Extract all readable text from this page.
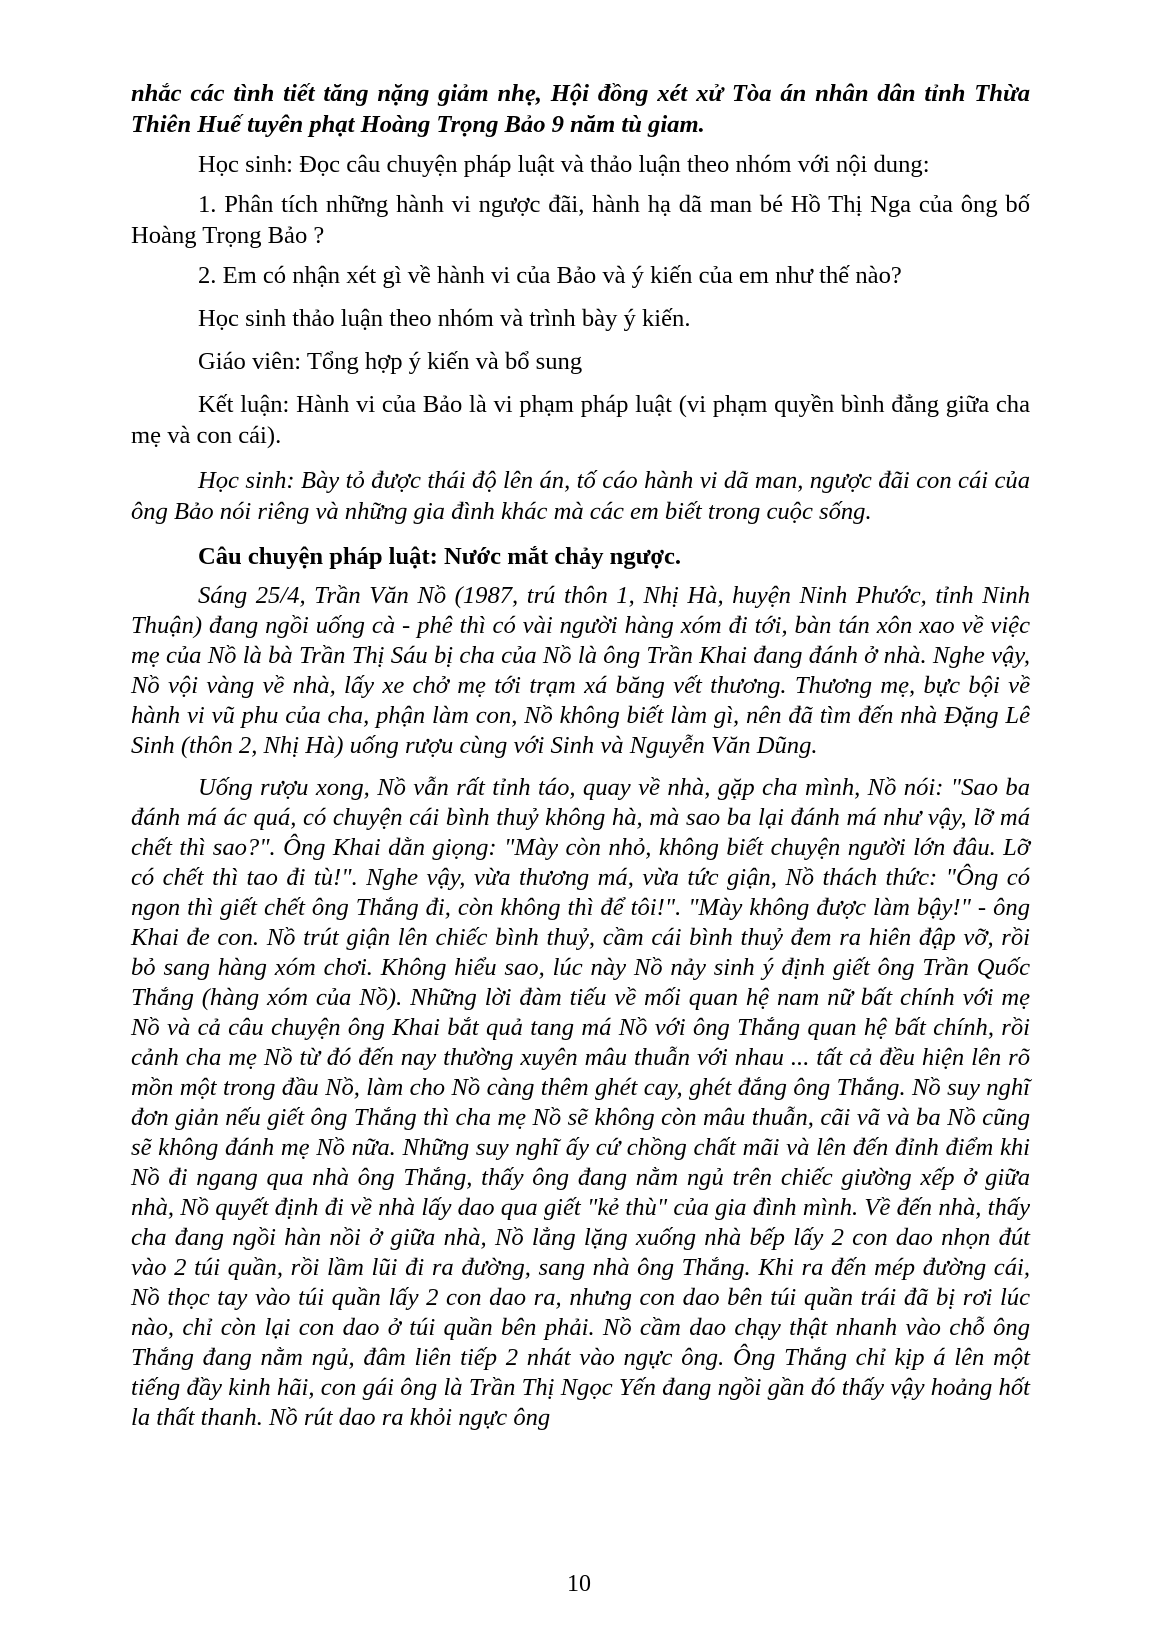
nhắc các tình tiết tăng nặng giảm nhẹ, Hội đồng xét xử Tòa án nhân dân tỉnh Thừa Thiên Huế tuyên phạt Hoàng Trọng Bảo 9 năm tù giam.

Học sinh: Đọc câu chuyện pháp luật và thảo luận theo nhóm với nội dung:

1. Phân tích những hành vi ngược đãi, hành hạ dã man bé Hồ Thị Nga của ông bố Hoàng Trọng Bảo ?

2. Em có nhận xét gì về hành vi của Bảo và ý kiến của em như thế nào?

Học sinh thảo luận theo nhóm và trình bày ý kiến.

Giáo viên: Tổng hợp ý kiến và bổ sung

Kết luận: Hành vi của Bảo là vi phạm pháp luật (vi phạm quyền bình đẳng giữa cha mẹ và con cái).

Học sinh: Bày tỏ được thái độ lên án, tố cáo hành vi dã man, ngược đãi con cái của ông Bảo nói riêng và những gia đình khác mà các em biết trong cuộc sống.

Câu chuyện pháp luật: Nước mắt chảy ngược.

Sáng 25/4, Trần Văn Nồ (1987, trú thôn 1, Nhị Hà, huyện Ninh Phước, tỉnh Ninh Thuận) đang ngồi uống cà - phê thì có vài người hàng xóm đi tới, bàn tán xôn xao về việc mẹ của Nồ là bà Trần Thị Sáu bị cha của Nồ là ông Trần Khai đang đánh ở nhà. Nghe vậy, Nồ vội vàng về nhà, lấy xe chở mẹ tới trạm xá băng vết thương. Thương mẹ, bực bội về hành vi vũ phu của cha, phận làm con, Nồ không biết làm gì, nên đã tìm đến nhà Đặng Lê Sinh (thôn 2, Nhị Hà) uống rượu cùng với Sinh và Nguyễn Văn Dũng.

Uống rượu xong, Nồ vẫn rất tỉnh táo, quay về nhà, gặp cha mình, Nồ nói: "Sao ba đánh má ác quá, có chuyện cái bình thuỷ không hà, mà sao ba lại đánh má như vậy, lỡ má chết thì sao?". Ông Khai dằn giọng: "Mày còn nhỏ, không biết chuyện người lớn đâu. Lỡ có chết thì tao đi tù!". Nghe vậy, vừa thương má, vừa tức giận, Nồ thách thức: "Ông có ngon thì giết chết ông Thắng đi, còn không thì để tôi!". "Mày không được làm bậy!" - ông Khai đe con. Nồ trút giận lên chiếc bình thuỷ, cầm cái bình thuỷ đem ra hiên đập vỡ, rồi bỏ sang hàng xóm chơi. Không hiểu sao, lúc này Nồ nảy sinh ý định giết ông Trần Quốc Thắng (hàng xóm của Nồ). Những lời đàm tiếu về mối quan hệ nam nữ bất chính với mẹ Nồ và cả câu chuyện ông Khai bắt quả tang má Nồ với ông Thắng quan hệ bất chính, rồi cảnh cha mẹ Nồ từ đó đến nay thường xuyên mâu thuẫn với nhau ... tất cả đều hiện lên rõ mồn một trong đầu Nồ, làm cho Nồ càng thêm ghét cay, ghét đắng ông Thắng. Nồ suy nghĩ đơn giản nếu giết ông Thắng thì cha mẹ Nồ sẽ không còn mâu thuẫn, cãi vã và ba Nồ cũng sẽ không đánh mẹ Nồ nữa. Những suy nghĩ ấy cứ chồng chất mãi và lên đến đỉnh điểm khi Nồ đi ngang qua nhà ông Thắng, thấy ông đang nằm ngủ trên chiếc giường xếp ở giữa nhà, Nồ quyết định đi về nhà lấy dao qua giết "kẻ thù" của gia đình mình. Về đến nhà, thấy cha đang ngồi hàn nồi ở giữa nhà, Nồ lẳng lặng xuống nhà bếp lấy 2 con dao nhọn đút vào 2 túi quần, rồi lầm lũi đi ra đường, sang nhà ông Thắng. Khi ra đến mép đường cái, Nồ thọc tay vào túi quần lấy 2 con dao ra, nhưng con dao bên túi quần trái đã bị rơi lúc nào, chỉ còn lại con dao ở túi quần bên phải. Nồ cầm dao chạy thật nhanh vào chỗ ông Thắng đang nằm ngủ, đâm liên tiếp 2 nhát vào ngực ông. Ông Thắng chỉ kịp á lên một tiếng đầy kinh hãi, con gái ông là Trần Thị Ngọc Yến đang ngồi gần đó thấy vậy hoảng hốt la thất thanh. Nồ rút dao ra khỏi ngực ông

10
